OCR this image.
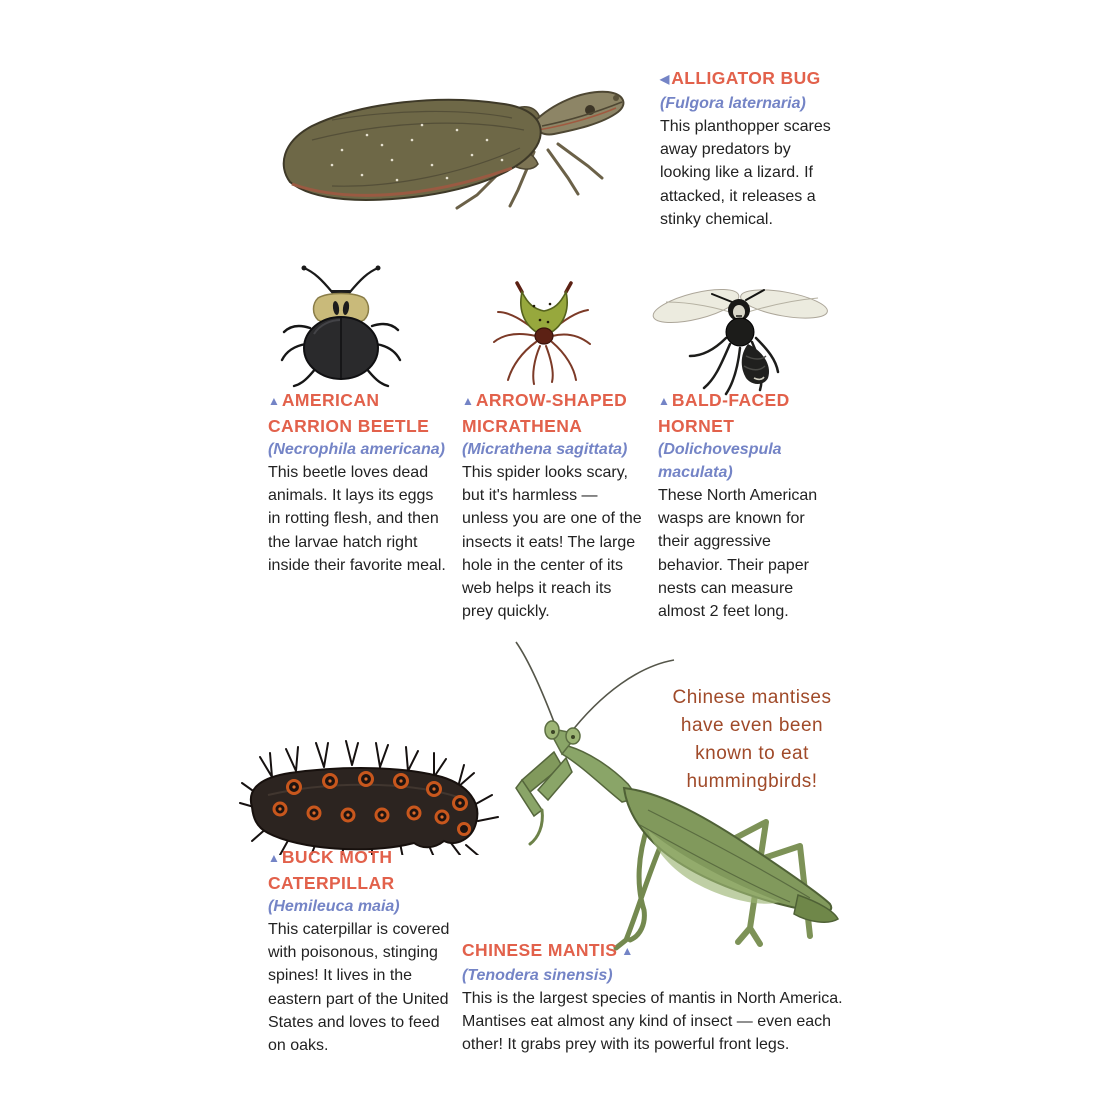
◀ ALLIGATOR BUG
(Fulgora laternaria)

This planthopper scares away predators by looking like a lizard. If attacked, it releases a stinky chemical.

▲ AMERICAN CARRION BEETLE
(Necrophila americana)

This beetle loves dead animals. It lays its eggs in rotting flesh, and then the larvae hatch right inside their favorite meal.

▲ ARROW-SHAPED MICRATHENA
(Micrathena sagittata)

This spider looks scary, but it's harmless — unless you are one of the insects it eats! The large hole in the center of its web helps it reach its prey quickly.

▲ BALD-FACED HORNET
(Dolichovespula maculata)

These North American wasps are known for their aggressive behavior. Their paper nests can measure almost 2 feet long.

Chinese mantises
have even been
known to eat
hummingbirds!
▲ BUCK MOTH CATERPILLAR
(Hemileuca maia)

This caterpillar is covered with poisonous, stinging spines! It lives in the eastern part of the United States and loves to feed on oaks.

CHINESE MANTIS ▲
(Tenodera sinensis)

This is the largest species of mantis in North America. Mantises eat almost any kind of insect — even each other! It grabs prey with its powerful front legs.
